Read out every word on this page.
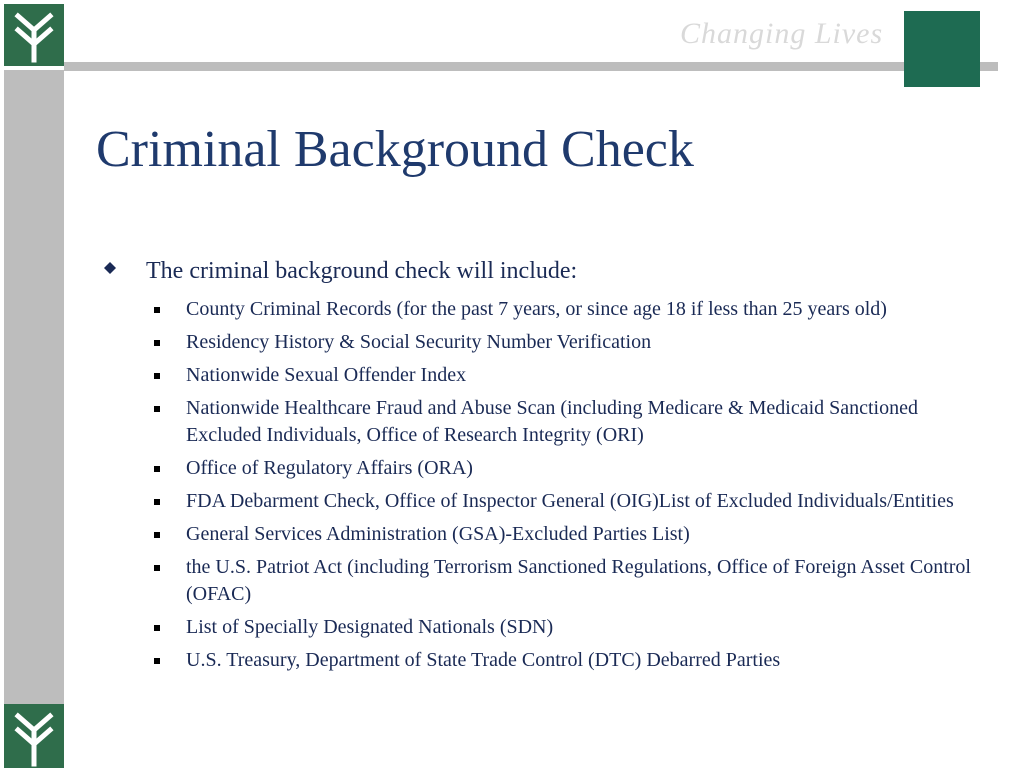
Changing Lives
Criminal Background Check
The criminal background check will include:
County Criminal Records (for the past 7 years, or since age 18 if less than 25 years old)
Residency History & Social Security Number Verification
Nationwide Sexual Offender Index
Nationwide Healthcare Fraud and Abuse Scan (including Medicare & Medicaid Sanctioned Excluded Individuals, Office of Research Integrity (ORI)
Office of Regulatory Affairs (ORA)
FDA Debarment Check, Office of Inspector General (OIG)List of Excluded Individuals/Entities
General Services Administration (GSA)-Excluded Parties List)
the U.S. Patriot Act (including Terrorism Sanctioned Regulations, Office of Foreign Asset Control (OFAC)
List of Specially Designated Nationals (SDN)
U.S. Treasury, Department of State Trade Control (DTC) Debarred Parties
